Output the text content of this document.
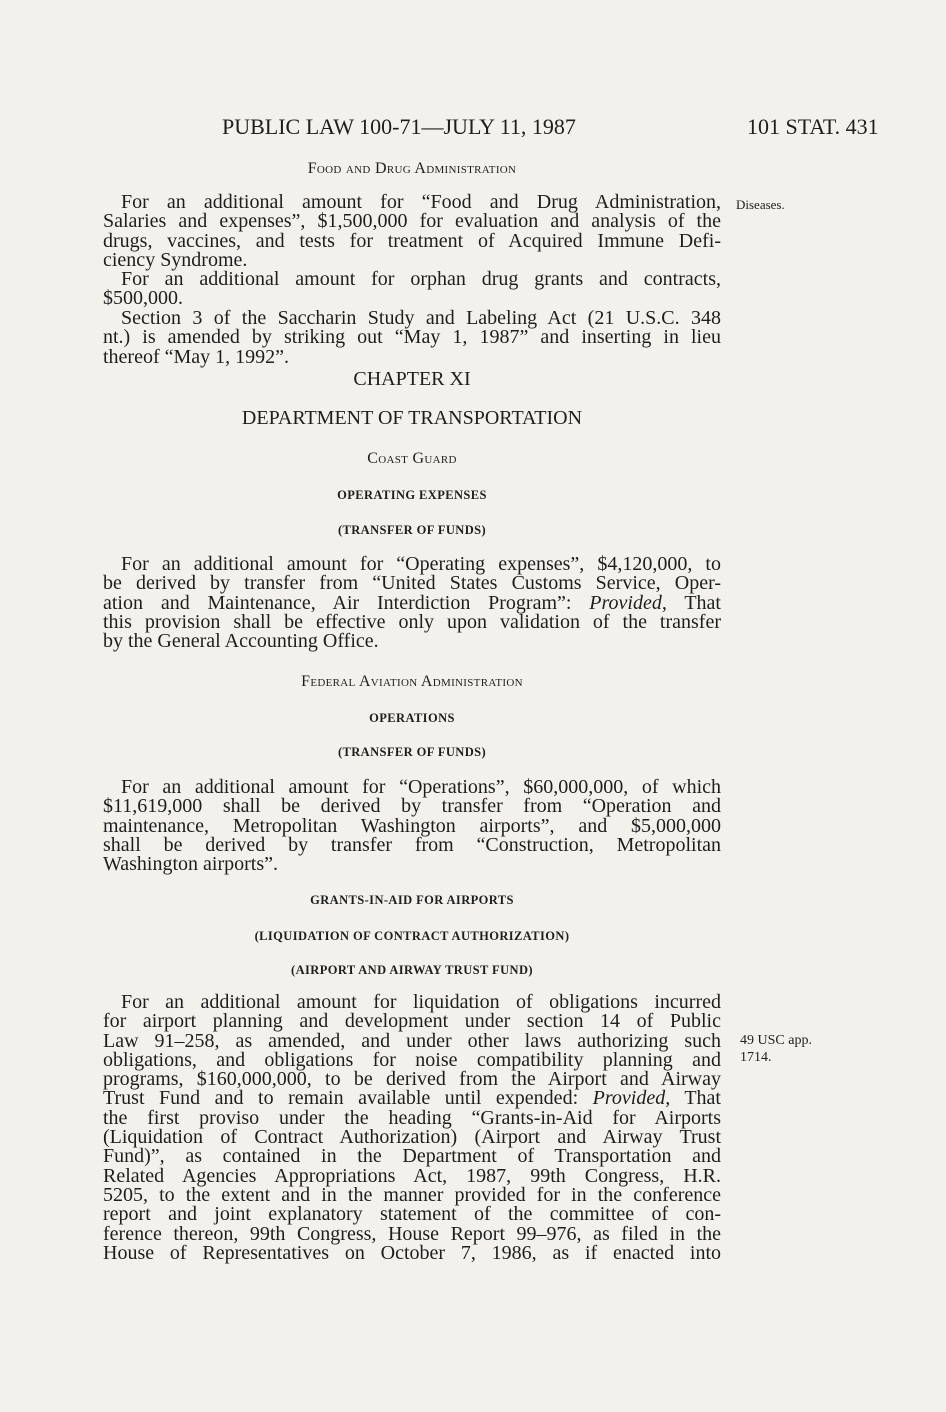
PUBLIC LAW 100-71—JULY 11, 1987	101 STAT. 431
Food and Drug Administration
Diseases.
For an additional amount for “Food and Drug Administration,
Salaries and expenses”, $1,500,000 for evaluation and analysis of the
drugs, vaccines, and tests for treatment of Acquired Immune Defi-
ciency Syndrome.
For an additional amount for orphan drug grants and contracts,
$500,000.
Section 3 of the Saccharin Study and Labeling Act (21 U.S.C. 348
nt.) is amended by striking out “May 1, 1987” and inserting in lieu
thereof “May 1, 1992”.
CHAPTER XI
DEPARTMENT OF TRANSPORTATION
Coast Guard
OPERATING EXPENSES
(TRANSFER OF FUNDS)
For an additional amount for “Operating expenses”, $4,120,000, to
be derived by transfer from “United States Customs Service, Oper-
ation and Maintenance, Air Interdiction Program”: Provided, That
this provision shall be effective only upon validation of the transfer
by the General Accounting Office.
Federal Aviation Administration
OPERATIONS
(TRANSFER OF FUNDS)
For an additional amount for “Operations”, $60,000,000, of which
$11,619,000 shall be derived by transfer from “Operation and
maintenance, Metropolitan Washington airports”, and $5,000,000
shall be derived by transfer from “Construction, Metropolitan
Washington airports”.
GRANTS-IN-AID FOR AIRPORTS
(LIQUIDATION OF CONTRACT AUTHORIZATION)
(AIRPORT AND AIRWAY TRUST FUND)
For an additional amount for liquidation of obligations incurred
for airport planning and development under section 14 of Public
Law 91–258, as amended, and under other laws authorizing such
obligations, and obligations for noise compatibility planning and
programs, $160,000,000, to be derived from the Airport and Airway
Trust Fund and to remain available until expended: Provided, That
the first proviso under the heading “Grants-in-Aid for Airports
(Liquidation of Contract Authorization) (Airport and Airway Trust
Fund)”, as contained in the Department of Transportation and
Related Agencies Appropriations Act, 1987, 99th Congress, H.R.
5205, to the extent and in the manner provided for in the conference
report and joint explanatory statement of the committee of con-
ference thereon, 99th Congress, House Report 99–976, as filed in the
House of Representatives on October 7, 1986, as if enacted into
49 USC app.
1714.
